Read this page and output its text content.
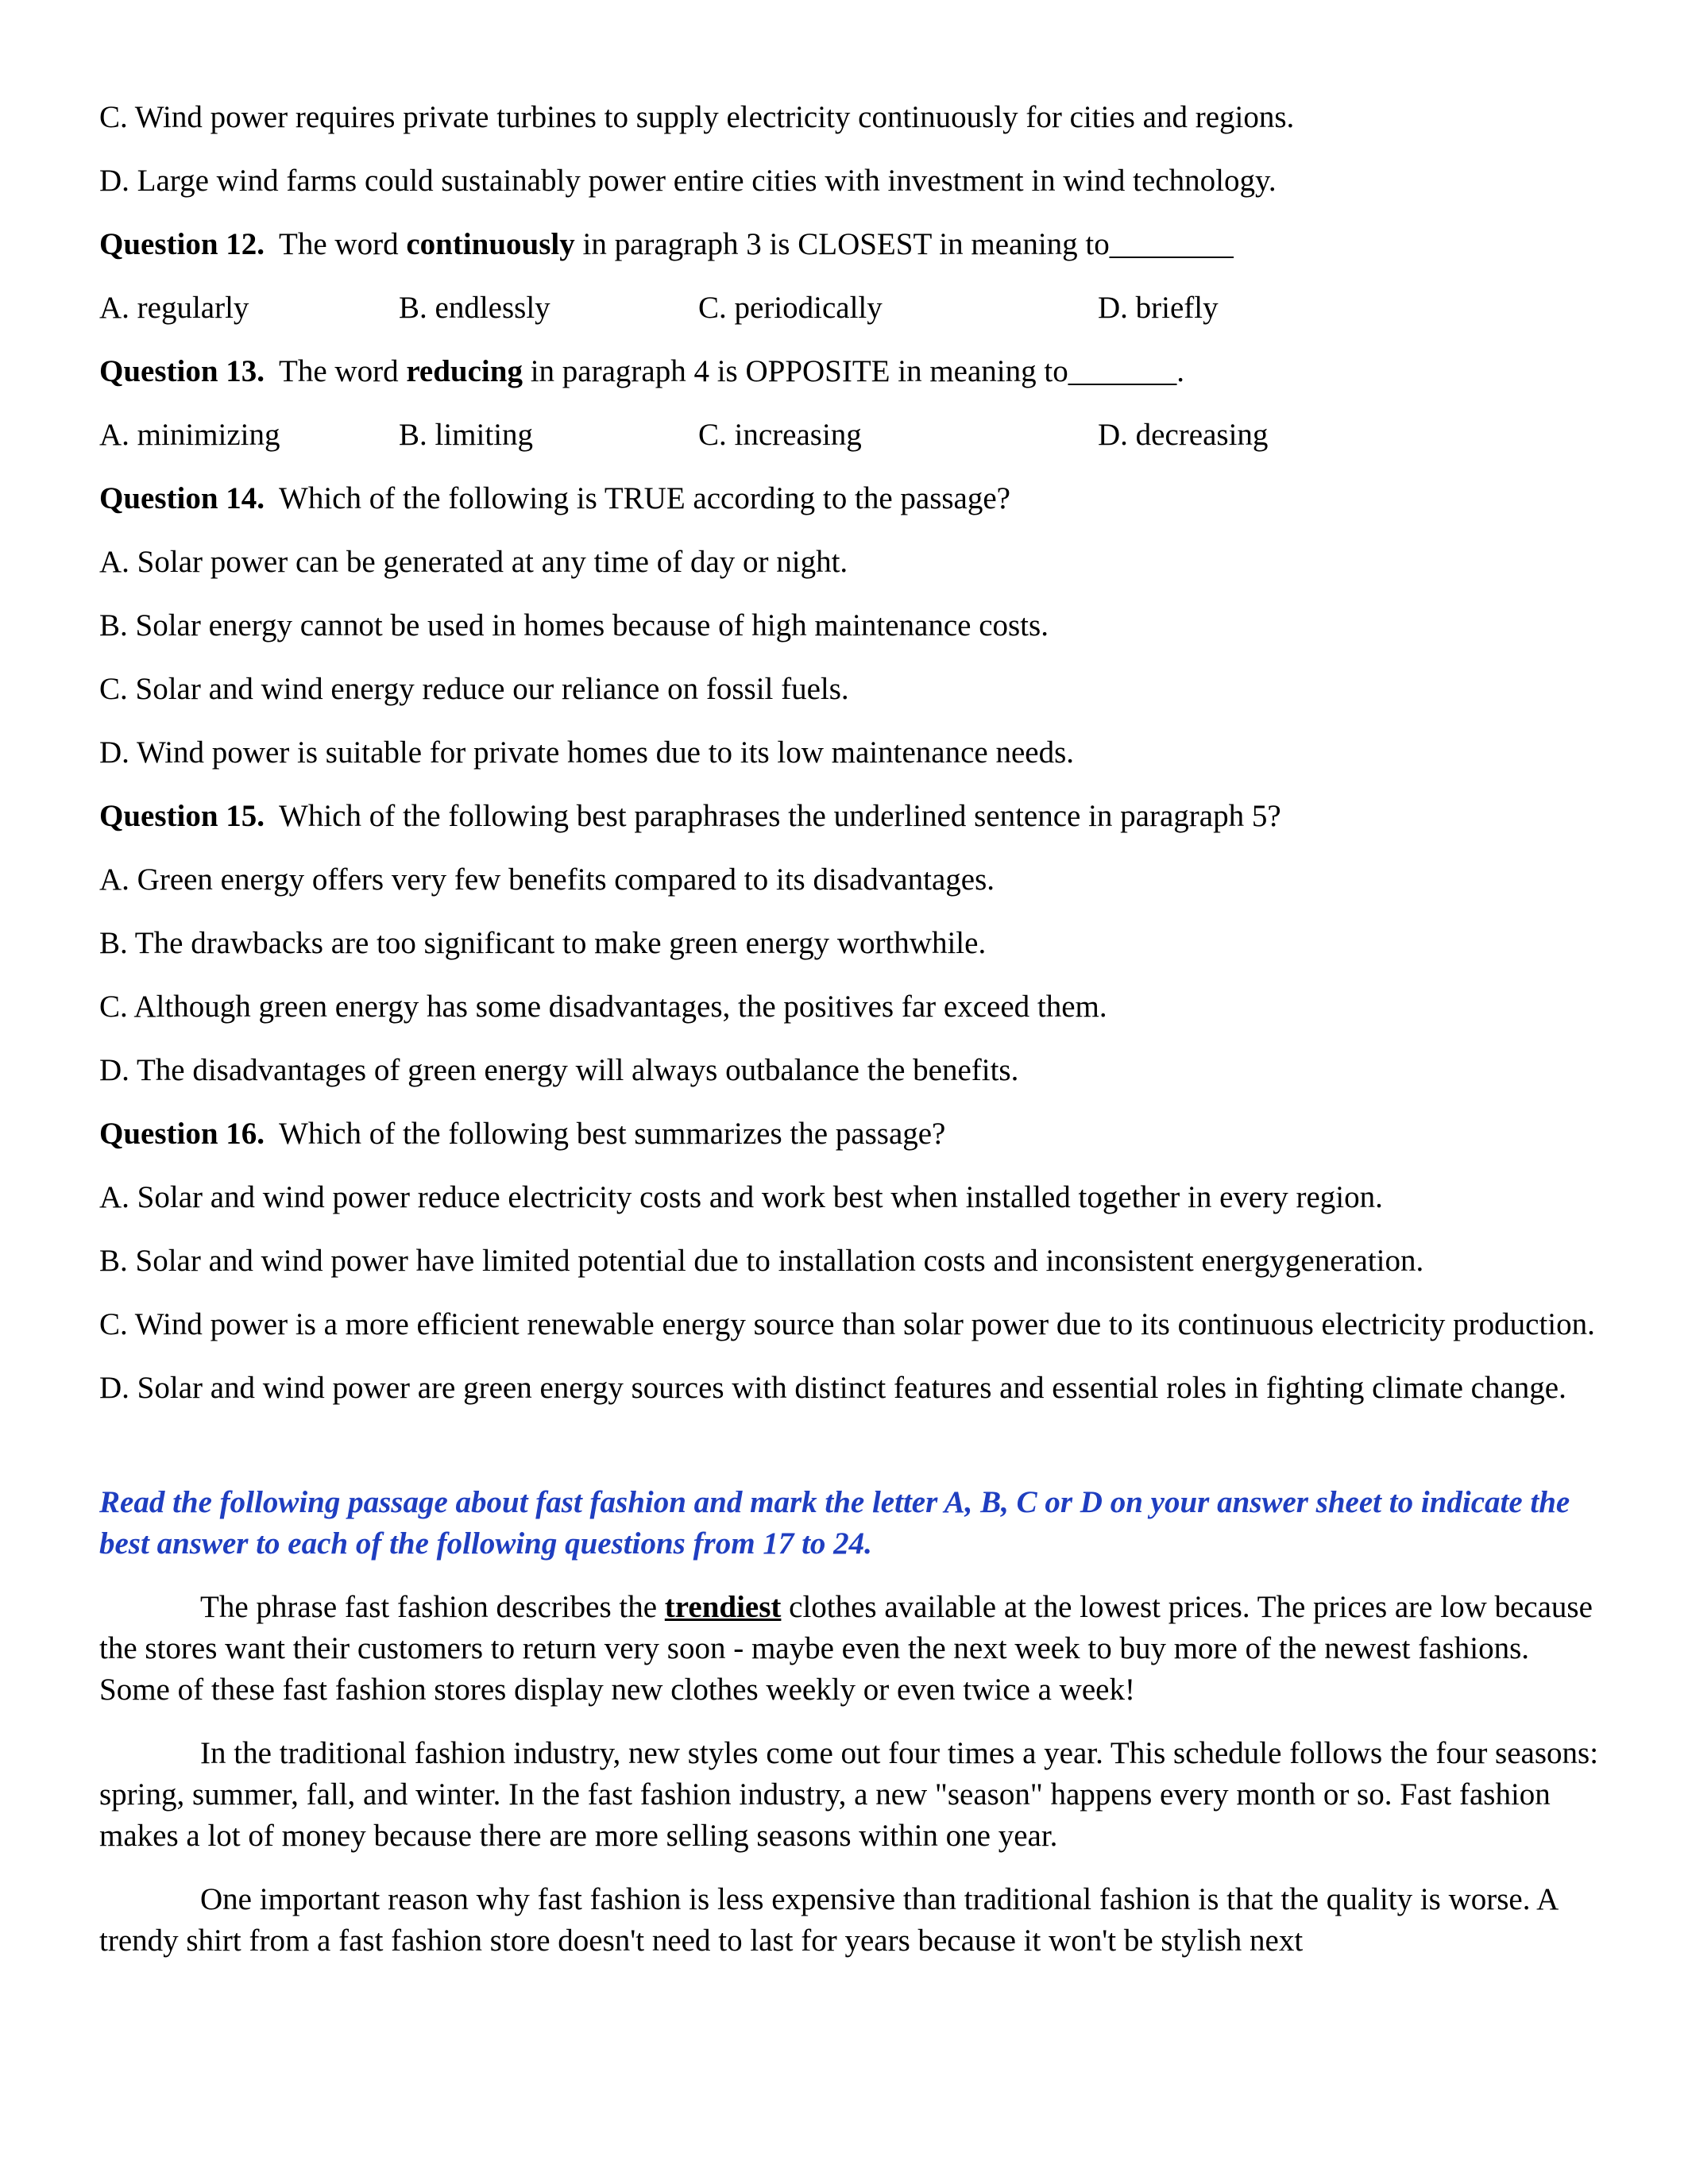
C. Wind power requires private turbines to supply electricity continuously for cities and regions.
D. Large wind farms could sustainably power entire cities with investment in wind technology.
Question 12. The word continuously in paragraph 3 is CLOSEST in meaning to________
A. regularly	B. endlessly	C. periodically	D. briefly
Question 13. The word reducing in paragraph 4 is OPPOSITE in meaning to_______.
A. minimizing	B. limiting	C. increasing	D. decreasing
Question 14. Which of the following is TRUE according to the passage?
A. Solar power can be generated at any time of day or night.
B. Solar energy cannot be used in homes because of high maintenance costs.
C. Solar and wind energy reduce our reliance on fossil fuels.
D. Wind power is suitable for private homes due to its low maintenance needs.
Question 15. Which of the following best paraphrases the underlined sentence in paragraph 5?
A. Green energy offers very few benefits compared to its disadvantages.
B. The drawbacks are too significant to make green energy worthwhile.
C. Although green energy has some disadvantages, the positives far exceed them.
D. The disadvantages of green energy will always outbalance the benefits.
Question 16. Which of the following best summarizes the passage?
A. Solar and wind power reduce electricity costs and work best when installed together in every region.
B. Solar and wind power have limited potential due to installation costs and inconsistent energygeneration.
C. Wind power is a more efficient renewable energy source than solar power due to its continuous electricity production.
D. Solar and wind power are green energy sources with distinct features and essential roles in fighting climate change.
Read the following passage about fast fashion and mark the letter A, B, C or D on your answer sheet to indicate the best answer to each of the following questions from 17 to 24.
The phrase fast fashion describes the trendiest clothes available at the lowest prices. The prices are low because the stores want their customers to return very soon - maybe even the next week to buy more of the newest fashions. Some of these fast fashion stores display new clothes weekly or even twice a week!
In the traditional fashion industry, new styles come out four times a year. This schedule follows the four seasons: spring, summer, fall, and winter. In the fast fashion industry, a new "season" happens every month or so. Fast fashion makes a lot of money because there are more selling seasons within one year.
One important reason why fast fashion is less expensive than traditional fashion is that the quality is worse. A trendy shirt from a fast fashion store doesn't need to last for years because it won't be stylish next
